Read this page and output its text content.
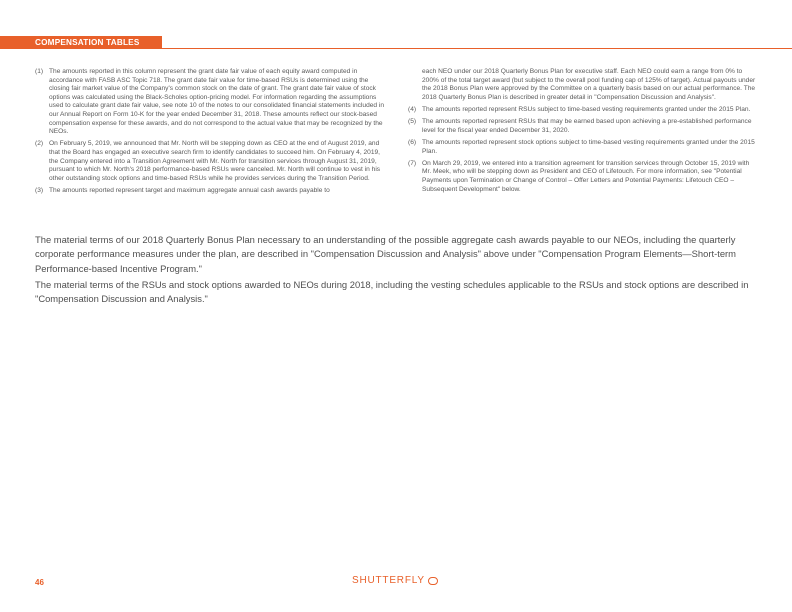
COMPENSATION TABLES
(1) The amounts reported in this column represent the grant date fair value of each equity award computed in accordance with FASB ASC Topic 718. The grant date fair value for time-based RSUs is determined using the closing fair market value of the Company's common stock on the date of grant. The grant date fair value of stock options was calculated using the Black-Scholes option-pricing model. For information regarding the assumptions used to calculate grant date fair value, see note 10 of the notes to our consolidated financial statements included in our Annual Report on Form 10-K for the year ended December 31, 2018. These amounts reflect our stock-based compensation expense for these awards, and do not correspond to the actual value that may be recognized by the NEOs.
(2) On February 5, 2019, we announced that Mr. North will be stepping down as CEO at the end of August 2019, and that the Board has engaged an executive search firm to identify candidates to succeed him. On February 4, 2019, the Company entered into a Transition Agreement with Mr. North for transition services through August 31, 2019, pursuant to which Mr. North's 2018 performance-based RSUs were canceled. Mr. North will continue to vest in his other outstanding stock options and time-based RSUs while he provides services during the Transition Period.
(3) The amounts reported represent target and maximum aggregate annual cash awards payable to
each NEO under our 2018 Quarterly Bonus Plan for executive staff. Each NEO could earn a range from 0% to 200% of the total target award (but subject to the overall pool funding cap of 125% of target). Actual payouts under the 2018 Bonus Plan were approved by the Committee on a quarterly basis based on our actual performance. The 2018 Quarterly Bonus Plan is described in greater detail in "Compensation Discussion and Analysis".
(4) The amounts reported represent RSUs subject to time-based vesting requirements granted under the 2015 Plan.
(5) The amounts reported represent RSUs that may be earned based upon achieving a pre-established performance level for the fiscal year ended December 31, 2020.
(6) The amounts reported represent stock options subject to time-based vesting requirements granted under the 2015 Plan.
(7) On March 29, 2019, we entered into a transition agreement for transition services through October 15, 2019 with Mr. Meek, who will be stepping down as President and CEO of Lifetouch. For more information, see "Potential Payments upon Termination or Change of Control – Offer Letters and Potential Payments: Lifetouch CEO – Subsequent Development" below.

The material terms of our 2018 Quarterly Bonus Plan necessary to an understanding of the possible aggregate cash awards payable to our NEOs, including the quarterly corporate performance measures under the plan, are described in "Compensation Discussion and Analysis" above under "Compensation Program Elements—Short-term Performance-based Incentive Program."

The material terms of the RSUs and stock options awarded to NEOs during 2018, including the vesting schedules applicable to the RSUs and stock options are described in "Compensation Discussion and Analysis."

46	SHUTTERFLY
